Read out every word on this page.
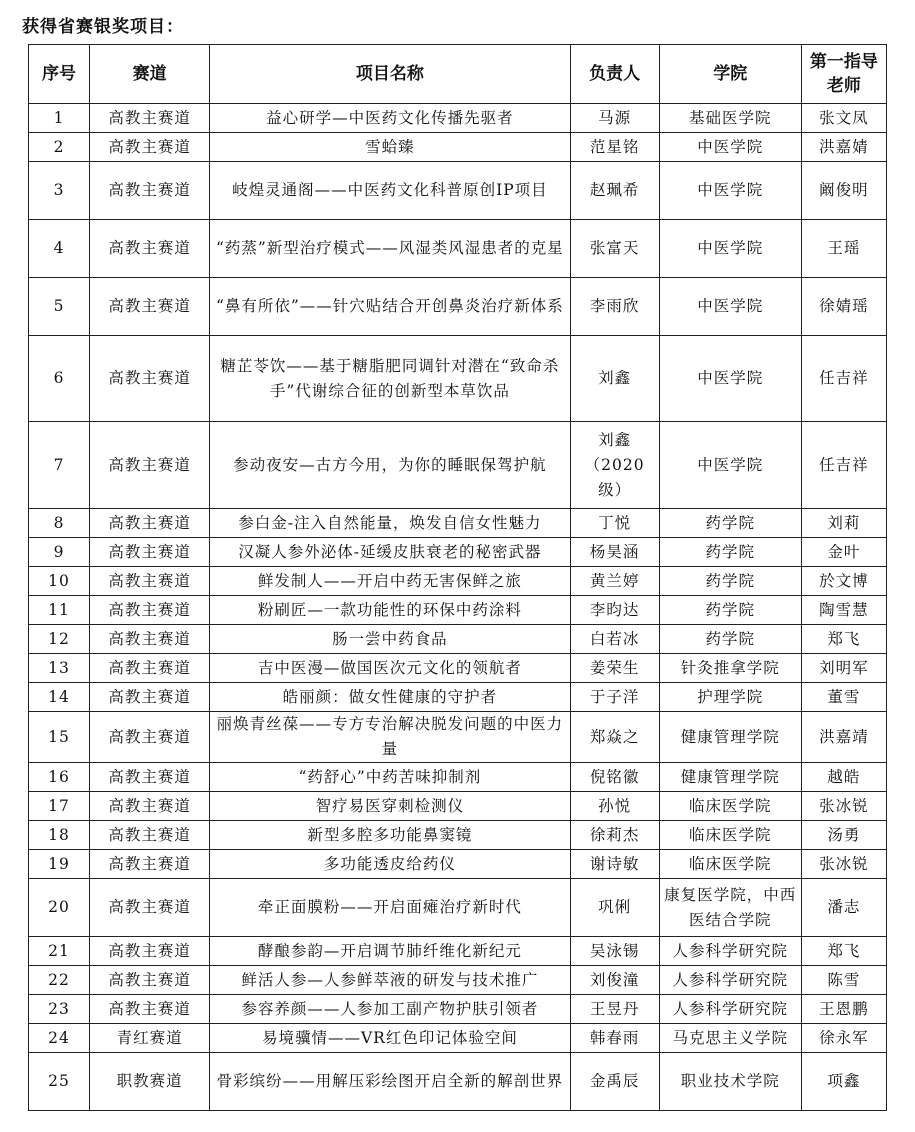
获得省赛银奖项目：
序号	赛道	项目名称	负责人	学院	第一指导老师
1	高教主赛道	益心研学—中医药文化传播先驱者	马源	基础医学院	张文凤
2	高教主赛道	雪蛤臻	范星铭	中医学院	洪嘉婧
3	高教主赛道	岐煌灵通阁——中医药文化科普原创IP项目	赵珮希	中医学院	阚俊明
4	高教主赛道	“药蒸”新型治疗模式——风湿类风湿患者的克星	张富天	中医学院	王瑶
5	高教主赛道	“鼻有所依”——针穴贴结合开创鼻炎治疗新体系	李雨欣	中医学院	徐婧瑶
6	高教主赛道	糖芷苓饮——基于糖脂肥同调针对潜在“致命杀手”代谢综合征的创新型本草饮品	刘鑫	中医学院	任吉祥
7	高教主赛道	参动夜安—古方今用，为你的睡眠保驾护航	刘鑫（2020级）	中医学院	任吉祥
8	高教主赛道	参白金-注入自然能量，焕发自信女性魅力	丁悦	药学院	刘莉
9	高教主赛道	汉凝人参外泌体-延缓皮肤衰老的秘密武器	杨昊涵	药学院	金叶
10	高教主赛道	鲜发制人——开启中药无害保鲜之旅	黄兰婷	药学院	於文博
11	高教主赛道	粉刷匠—一款功能性的环保中药涂料	李昀达	药学院	陶雪慧
12	高教主赛道	肠一尝中药食品	白若冰	药学院	郑飞
13	高教主赛道	吉中医漫—做国医次元文化的领航者	姜荣生	针灸推拿学院	刘明军
14	高教主赛道	皓丽颜：做女性健康的守护者	于子洋	护理学院	董雪
15	高教主赛道	丽焕青丝葆——专方专治解决脱发问题的中医力量	郑焱之	健康管理学院	洪嘉靖
16	高教主赛道	“药舒心”中药苦味抑制剂	倪铭徽	健康管理学院	越皓
17	高教主赛道	智疗易医穿刺检测仪	孙悦	临床医学院	张冰锐
18	高教主赛道	新型多腔多功能鼻窦镜	徐莉杰	临床医学院	汤勇
19	高教主赛道	多功能透皮给药仪	谢诗敏	临床医学院	张冰锐
20	高教主赛道	牵正面膜粉——开启面瘫治疗新时代	巩俐	康复医学院，中西医结合学院	潘志
21	高教主赛道	酵酿参韵—开启调节肺纤维化新纪元	吴泳锡	人参科学研究院	郑飞
22	高教主赛道	鲜活人参—人参鲜萃液的研发与技术推广	刘俊潼	人参科学研究院	陈雪
23	高教主赛道	参容养颜——人参加工副产物护肤引领者	王昱丹	人参科学研究院	王恩鹏
24	青红赛道	易境骥情——VR红色印记体验空间	韩春雨	马克思主义学院	徐永军
25	职教赛道	骨彩缤纷——用解压彩绘图开启全新的解剖世界	金禹辰	职业技术学院	项鑫
